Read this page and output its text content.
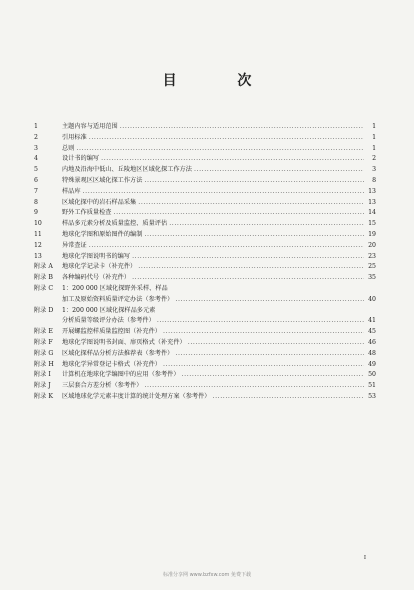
目 次
1	主题内容与适用范围 .....	1
2	引用标准 .....	1
3	总则 .....	1
4	设计书的编写 .....	2
5	内地及沿海中低山、丘陵地区区域化探工作方法 .....	3
6	特殊景观区区域化探工作方法 .....	8
7	样品库 .....	13
8	区域化探中的岩石样品采集 .....	13
9	野外工作质量检查 .....	14
10	样品多元素分析及质量监控、质量评估 .....	15
11	地球化学图和原始图件的编制 .....	19
12	异常查证 .....	20
13	地球化学图说明书的编写 .....	23
附录 A	地球化学记录卡（补充件） .....	25
附录 B	各种编码代号（补充件） .....	35
附录 C	1：200 000 区域化探野外采样、样品
加工及原始资料质量评定办法（参考件） .....	40
附录 D	1：200 000 区域化探样品多元素
分析质量等级评分办法（参考件） .....	41
附录 E	开展螺监控样质量监控图（补充件） .....	45
附录 F	地球化学图说明书封面、扉页格式（补充件） .....	46
附录 G	区域化探样品分析方法推荐表（参考件） .....	48
附录 H	地球化学异常登记卡格式（补充件） .....	49
附录 I	计算机在地球化学编图中的应用（参考件） .....	50
附录 J	三层套合方差分析（参考件） .....	51
附录 K	区域地球化学元素丰度计算的统计处理方案（参考件） .....	53
I
标准分享网 www.bzfxw.com 免费下载
